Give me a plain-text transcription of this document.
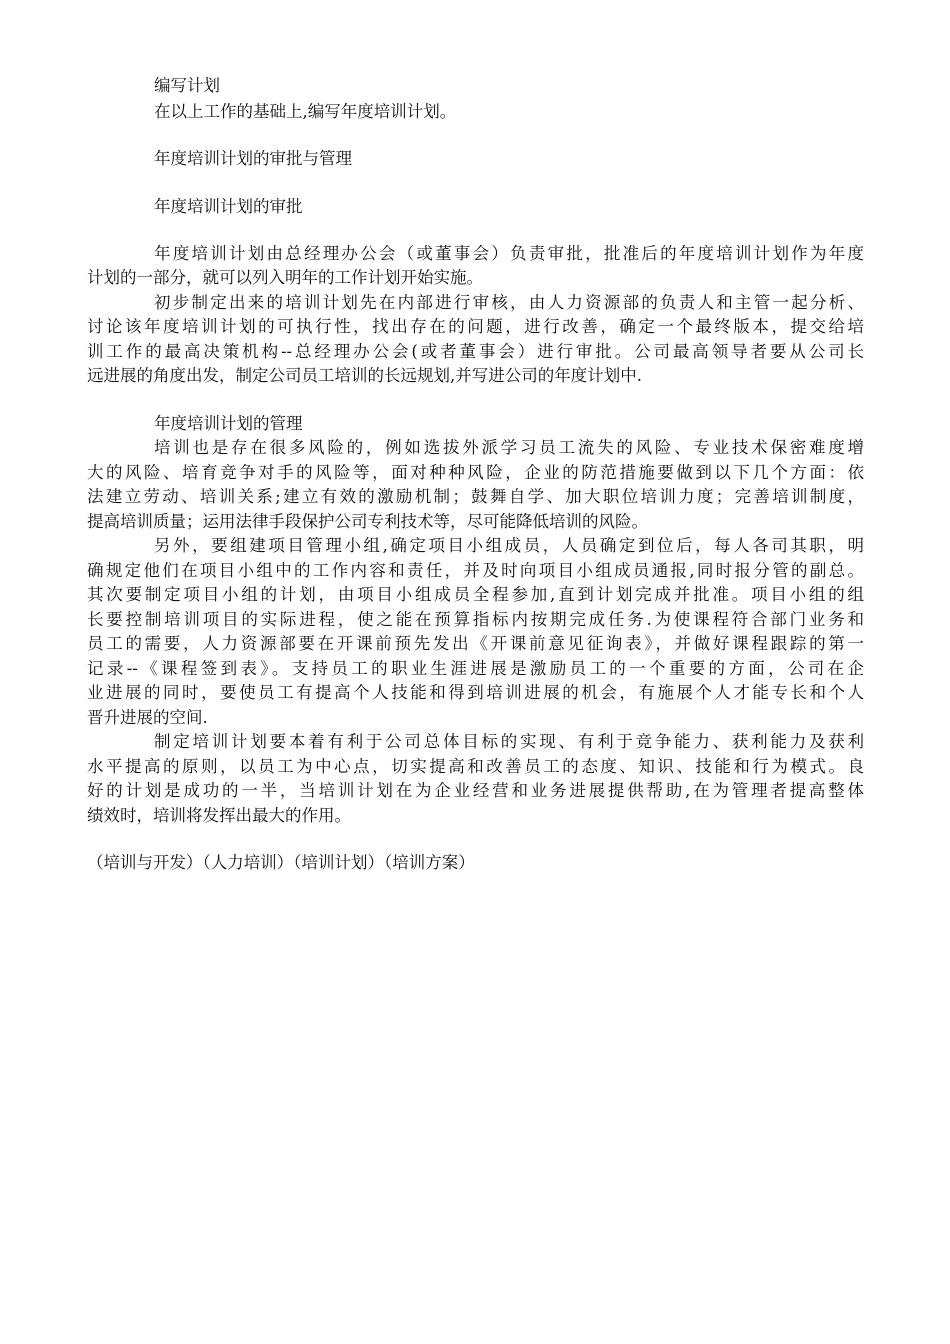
编写计划
在以上工作的基础上,编写年度培训计划。
年度培训计划的审批与管理
年度培训计划的审批
年度培训计划由总经理办公会（或董事会）负责审批，批准后的年度培训计划作为年度
计划的一部分，就可以列入明年的工作计划开始实施。
初步制定出来的培训计划先在内部进行审核，由人力资源部的负责人和主管一起分析、
讨论该年度培训计划的可执行性，找出存在的问题，进行改善，确定一个最终版本，提交给培
训工作的最高决策机构--总经理办公会(或者董事会）进行审批。公司最高领导者要从公司长
远进展的角度出发，制定公司员工培训的长远规划,并写进公司的年度计划中.
年度培训计划的管理
培训也是存在很多风险的，例如选拔外派学习员工流失的风险、专业技术保密难度增
大的风险、培育竞争对手的风险等，面对种种风险，企业的防范措施要做到以下几个方面：依
法建立劳动、培训关系;建立有效的激励机制；鼓舞自学、加大职位培训力度；完善培训制度，
提高培训质量；运用法律手段保护公司专利技术等，尽可能降低培训的风险。
另外，要组建项目管理小组,确定项目小组成员，人员确定到位后，每人各司其职，明
确规定他们在项目小组中的工作内容和责任，并及时向项目小组成员通报,同时报分管的副总。
其次要制定项目小组的计划，由项目小组成员全程参加,直到计划完成并批准。项目小组的组
长要控制培训项目的实际进程，使之能在预算指标内按期完成任务.为使课程符合部门业务和
员工的需要，人力资源部要在开课前预先发出《开课前意见征询表》，并做好课程跟踪的第一
记录--《课程签到表》。支持员工的职业生涯进展是激励员工的一个重要的方面，公司在企
业进展的同时，要使员工有提高个人技能和得到培训进展的机会，有施展个人才能专长和个人
晋升进展的空间.
制定培训计划要本着有利于公司总体目标的实现、有利于竞争能力、获利能力及获利
水平提高的原则，以员工为中心点，切实提高和改善员工的态度、知识、技能和行为模式。良
好的计划是成功的一半，当培训计划在为企业经营和业务进展提供帮助,在为管理者提高整体
绩效时，培训将发挥出最大的作用。
（培训与开发）（人力培训）（培训计划）（培训方案）
